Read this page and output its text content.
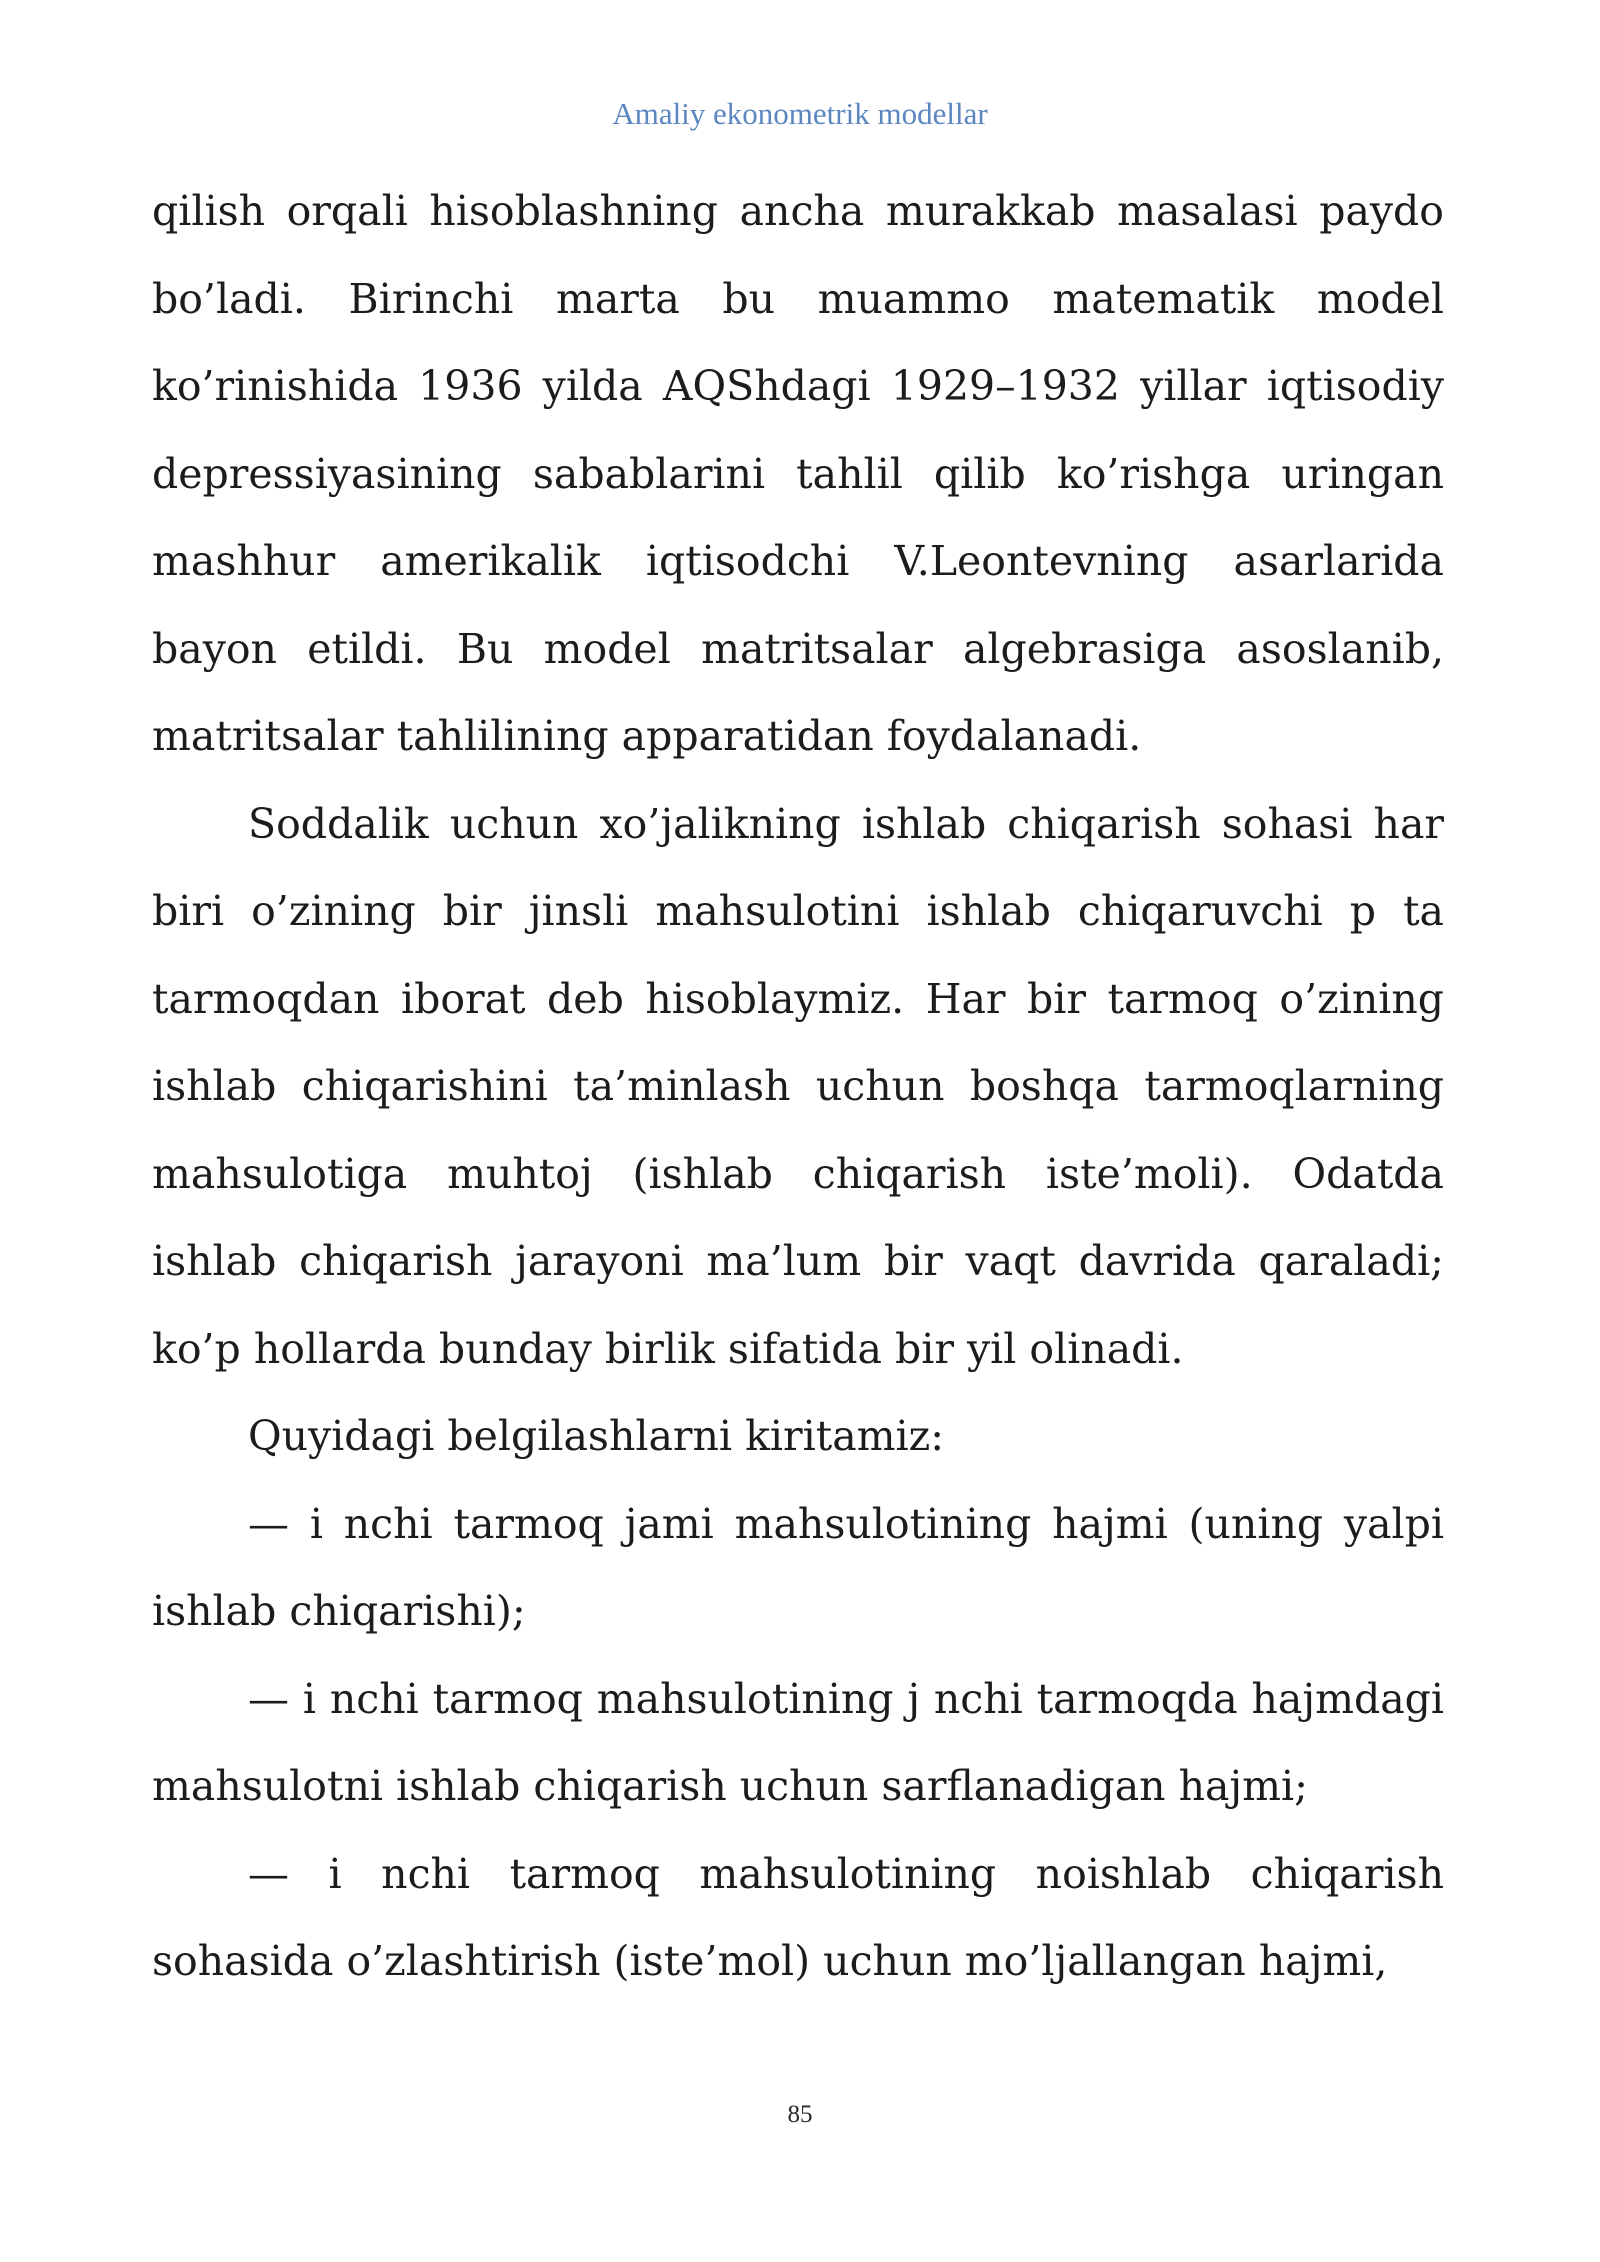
Amaliy ekonometrik modellar

qilish orqali hisoblashning ancha murakkab masalasi paydo bo’ladi. Birinchi marta bu muammo matematik model ko’rinishida 1936 yilda AQShdagi 1929–1932 yillar iqtisodiy depressiyasining sabablarini tahlil qilib ko’rishga uringan mashhur amerikalik iqtisodchi V.Leontevning asarlarida bayon etildi. Bu model matritsalar algebrasiga asoslanib, matritsalar tahlilining apparatidan foydalanadi.

Soddalik uchun xo’jalikning ishlab chiqarish sohasi har biri o’zining bir jinsli mahsulotini ishlab chiqaruvchi p ta tarmoqdan iborat deb hisoblaymiz. Har bir tarmoq o’zining ishlab chiqarishini ta’minlash uchun boshqa tarmoqlarning mahsulotiga muhtoj (ishlab chiqarish iste’moli). Odatda ishlab chiqarish jarayoni ma’lum bir vaqt davrida qaraladi; ko’p hollarda bunday birlik sifatida bir yil olinadi.

Quyidagi belgilashlarni kiritamiz:

— i nchi tarmoq jami mahsulotining hajmi (uning yalpi ishlab chiqarishi);

— i nchi tarmoq mahsulotining j nchi tarmoqda hajmdagi mahsulotni ishlab chiqarish uchun sarflanadigan hajmi;

— i nchi tarmoq mahsulotining noishlab chiqarish sohasida o’zlashtirish (iste’mol) uchun mo’ljallangan hajmi,

85
